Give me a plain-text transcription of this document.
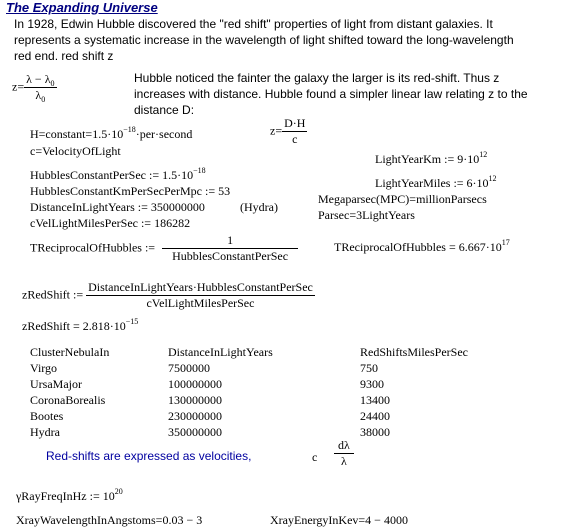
The Expanding Universe
In 1928, Edwin Hubble discovered the "red shift" properties of light from distant galaxies. It
represents a systematic increase in the wavelength of light shifted toward the long-wavelength
red end. red shift z
$z= \frac{\lambda - \lambda_0}{\lambda_0}$	Hubble noticed the fainter the galaxy the larger is its red-shift. Thus z
increases with distance. Hubble found a simpler linear law relating z to the
distance D:
$z= \frac{D\cdot H}{c}$
$H=constant=1.5\cdot 10^{-18}\cdot per\cdot second$
c=VelocityOfLight
LightYearKm := $9\cdot 10^{12}$
LightYearMiles := $6\cdot 10^{12}$
Megaparsec(MPC)=millionParsecs
Parsec=3LightYears
HubblesConstantPerSec := $1.5\cdot 10^{-18}$
HubblesConstantKmPerSecPerMpc := 53
DistanceInLightYears := 350000000	(Hydra)
cVelLightMilesPerSec := 186282
TReciprocalOfHubbles := $\frac{1}{\text{HubblesConstantPerSec}}$	TReciprocalOfHubbles = $6.667\cdot 10^{17}$
zRedShift := $\frac{\text{DistanceInLightYears·HubblesConstantPerSec}}{\text{cVelLightMilesPerSec}}$
zRedShift = $2.818\cdot 10^{-15}$
ClusterNebulaIn	DistanceInLightYears	RedShiftsMilesPerSec
Virgo	7500000	750
UrsaMajor	100000000	9300
CoronaBorealis	130000000	13400
Bootes	230000000	24400
Hydra	350000000	38000
Red-shifts are expressed as velocities,	c $\frac{d\lambda}{\lambda}$
γRayFreqInHz := $10^{20}$
XrayWavelengthInAngstoms=0.03 − 3	XrayEnergyInKev=4 − 4000
